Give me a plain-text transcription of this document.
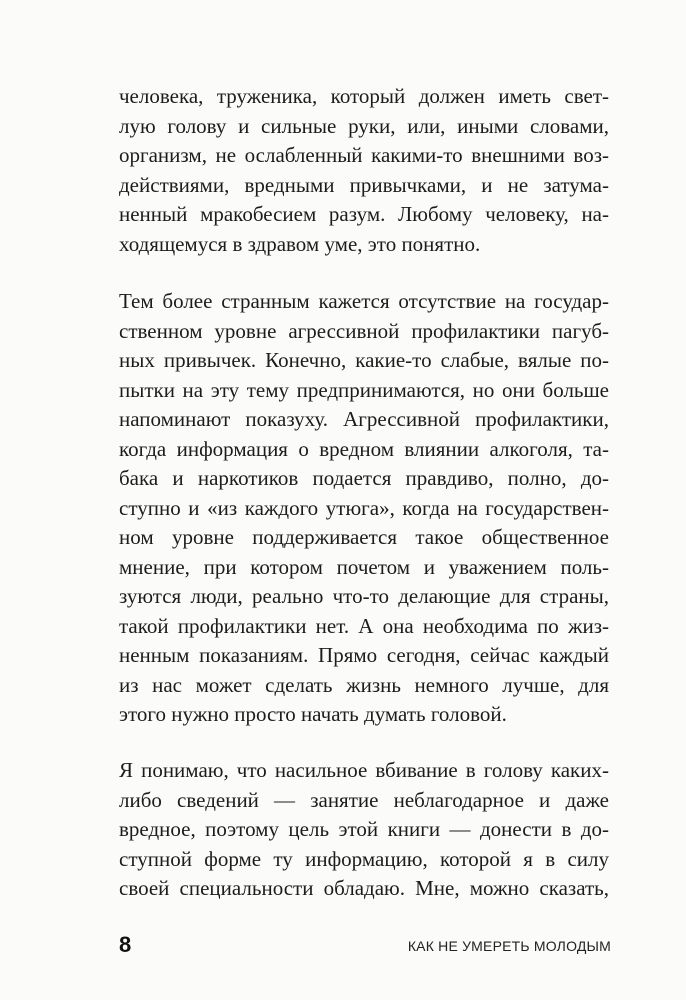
человека, труженика, который должен иметь свет-
лую голову и сильные руки, или, иными словами,
организм, не ослабленный какими-то внешними воз-
действиями, вредными привычками, и не затума-
ненный мракобесием разум. Любому человеку, на-
ходящемуся в здравом уме, это понятно.
Тем более странным кажется отсутствие на государ-
ственном уровне агрессивной профилактики пагуб-
ных привычек. Конечно, какие-то слабые, вялые по-
пытки на эту тему предпринимаются, но они больше
напоминают показуху. Агрессивной профилактики,
когда информация о вредном влиянии алкоголя, та-
бака и наркотиков подается правдиво, полно, до-
ступно и «из каждого утюга», когда на государствен-
ном уровне поддерживается такое общественное
мнение, при котором почетом и уважением поль-
зуются люди, реально что-то делающие для страны,
такой профилактики нет. А она необходима по жиз-
ненным показаниям. Прямо сегодня, сейчас каждый
из нас может сделать жизнь немного лучше, для
этого нужно просто начать думать головой.
Я понимаю, что насильное вбивание в голову каких-
либо сведений — занятие неблагодарное и даже
вредное, поэтому цель этой книги — донести в до-
ступной форме ту информацию, которой я в силу
своей специальности обладаю. Мне, можно сказать,
8	КАК НЕ УМЕРЕТЬ МОЛОДЫМ
